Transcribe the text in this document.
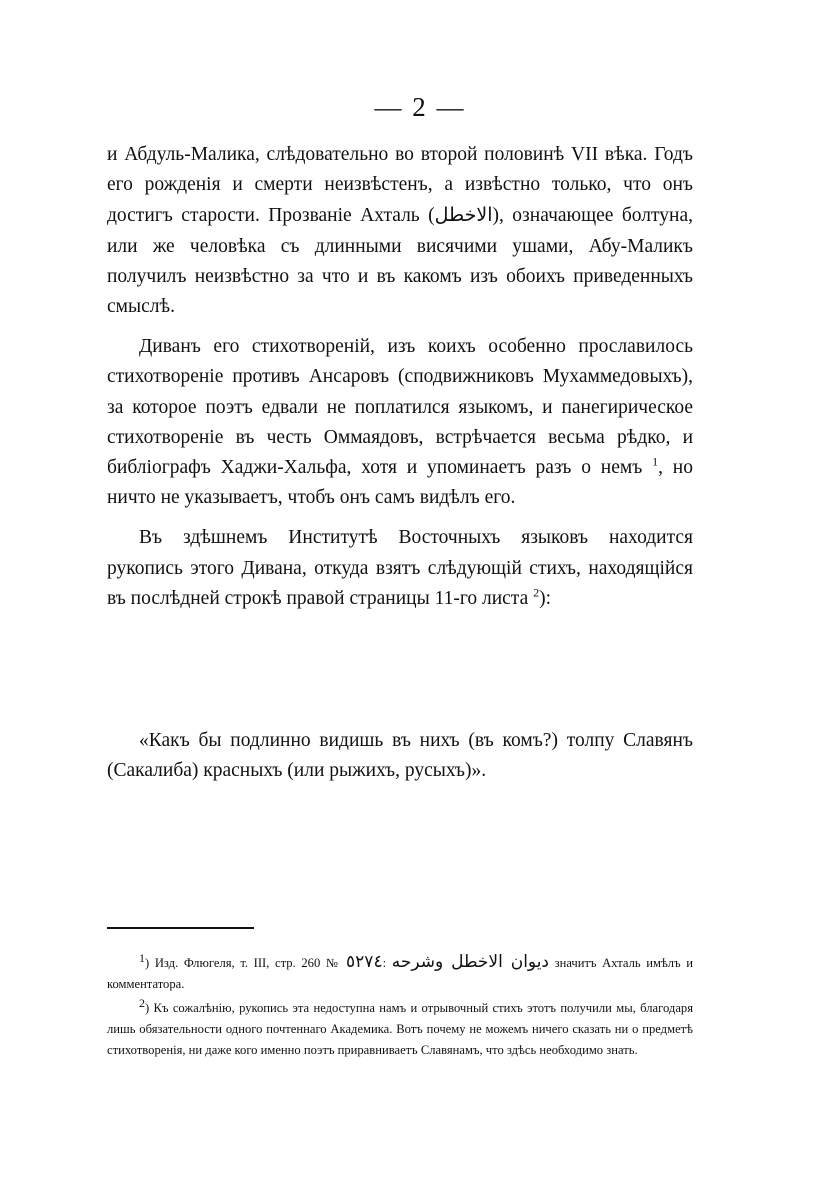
— 2 —

и Абдуль-Малика, слѣдовательно во второй половинѣ VII вѣка. Годъ его рожденія и смерти неизвѣстенъ, а извѣстно только, что онъ достигъ старости. Прозваніе Ахталь (الاخطل), означающее болтуна, или же человѣка съ длинными висячими ушами, Абу-Маликъ получилъ неизвѣстно за что и въ какомъ изъ обоихъ приведенныхъ смыслѣ.

Диванъ его стихотвореній, изъ коихъ особенно прославилось стихотвореніе противъ Ансаровъ (сподвижниковъ Мухаммедовыхъ), за которое поэтъ едвали не поплатился языкомъ, и панегирическое стихотвореніе въ честь Оммаядовъ, встрѣчается весьма рѣдко, и библіографъ Хаджи-Хальфа, хотя и упоминаетъ разъ о немъ $^1$, но ничто не указываетъ, чтобъ онъ самъ видѣлъ его.

Въ здѣшнемъ Институтѣ Восточныхъ языковъ находится рукопись этого Дивана, откуда взятъ слѣдующій стихъ, находящійся въ послѣдней строкѣ правой страницы 11-го листа $^2$):

«Какъ бы подлинно видишь въ нихъ (въ комъ?) толпу Славянъ (Сакалиба) красныхъ (или рыжихъ, русыхъ)».

$^1$) Изд. Флюгеля, т. III, стр. 260 № ٥٢٧٤: ديوان الاخطل وشرحه значитъ Ахталь имѣлъ и комментатора.

$^2$) Къ сожалѣнію, рукопись эта недоступна намъ и отрывочный стихъ этотъ получили мы, благодаря лишь обязательности одного почтеннаго Академика. Вотъ почему не можемъ ничего сказать ни о предметѣ стихотворенія, ни даже кого именно поэтъ приравниваетъ Славянамъ, что здѣсь необходимо знать.
